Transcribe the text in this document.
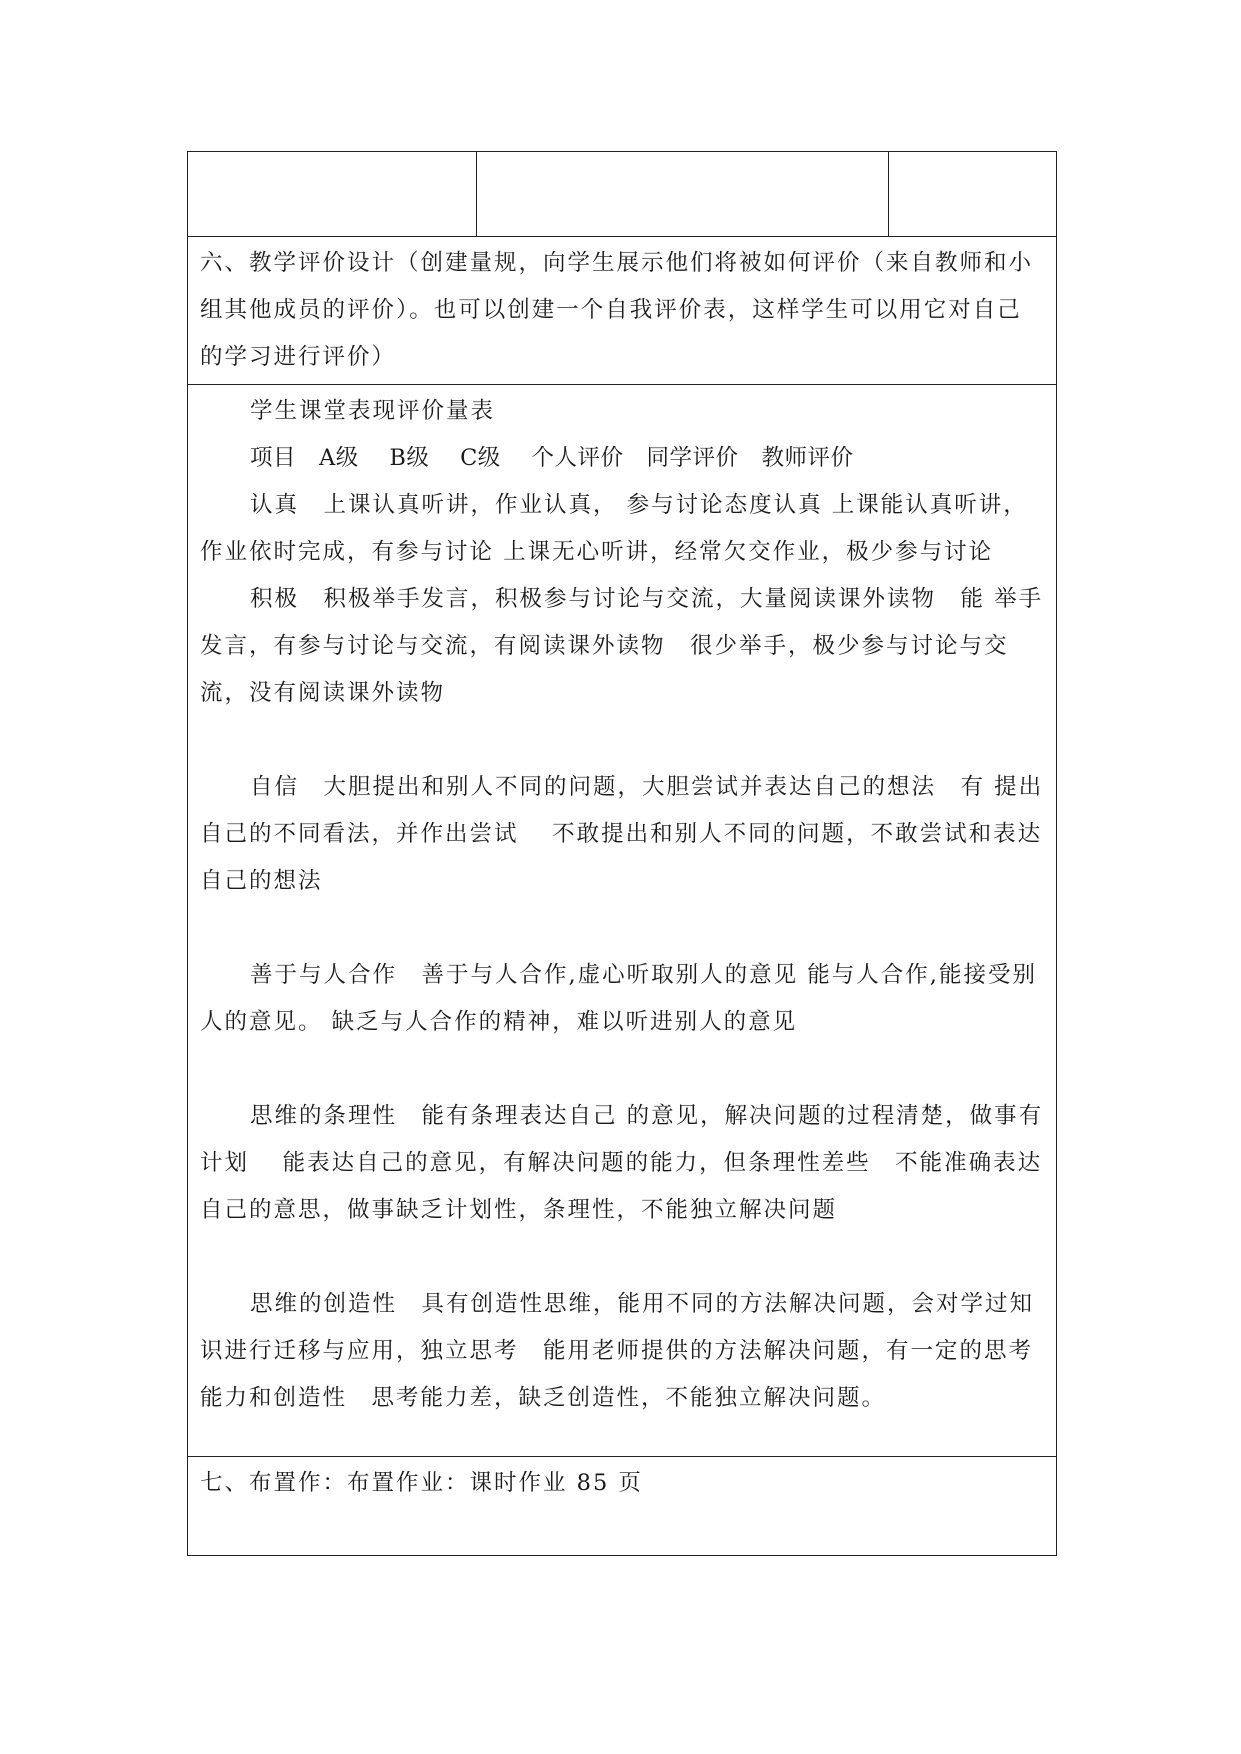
六、教学评价设计（创建量规，向学生展示他们将被如何评价（来自教师和小组其他成员的评价）。也可以创建一个自我评价表，这样学生可以用它对自己的学习进行评价）

学生课堂表现评价量表

项目　A级　 B级　 C级　 个人评价　同学评价　教师评价

认真　上课认真听讲，作业认真， 参与讨论态度认真 上课能认真听讲，作业依时完成，有参与讨论 上课无心听讲，经常欠交作业，极少参与讨论

积极　积极举手发言，积极参与讨论与交流，大量阅读课外读物　能 举手发言，有参与讨论与交流，有阅读课外读物　很少举手，极少参与讨论与交流，没有阅读课外读物

自信　大胆提出和别人不同的问题，大胆尝试并表达自己的想法　有 提出自己的不同看法，并作出尝试　 不敢提出和别人不同的问题，不敢尝试和表达自己的想法

善于与人合作　善于与人合作,虚心听取别人的意见 能与人合作,能接受别人的意见。 缺乏与人合作的精神，难以听进别人的意见

思维的条理性　能有条理表达自己 的意见，解决问题的过程清楚，做事有计划　 能表达自己的意见，有解决问题的能力，但条理性差些　不能准确表达自己的意思，做事缺乏计划性，条理性，不能独立解决问题

思维的创造性　具有创造性思维，能用不同的方法解决问题，会对学过知识进行迁移与应用，独立思考　能用老师提供的方法解决问题，有一定的思考能力和创造性　思考能力差，缺乏创造性，不能独立解决问题。

七、布置作：布置作业：课时作业 85 页
